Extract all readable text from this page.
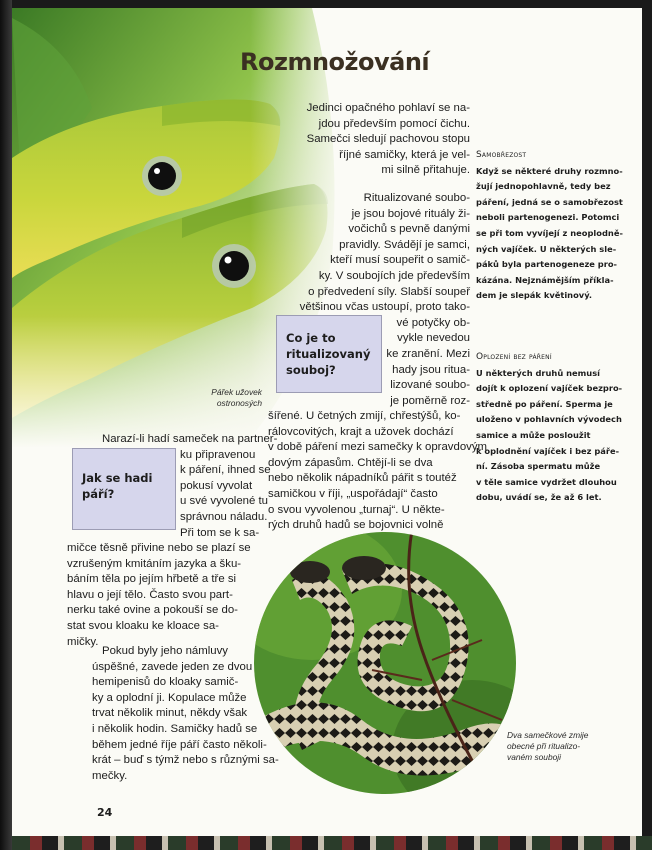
Rozmnožování
Jedinci opačného pohlaví se na-
jdou především pomocí čichu.
Samečci sledují pachovou stopu
říjné samičky, která je vel-
mi silně přitahuje.
Ritualizované soubo-
je jsou bojové rituály ži-
vočichů s pevně danými
pravidly. Svádějí je samci,
kteří musí soupeřit o samič-
ky. V soubojích jde především
o předvedení síly. Slabší soupeř
většinou včas ustoupí, proto tako-
vé potyčky ob-
vykle nevedou
ke zranění. Mezi
hady jsou ritua-
lizované soubo-
je poměrně roz-
šířené. U četných zmijí, chřestýšů, ko-
rálovcovitých, krajt a užovek dochází
v době páření mezi samečky k opravdovým
dovým zápasům. Chtějí-li se dva
nebo několik nápadníků pářit s toutéž
samičkou v říji, „uspořádají“ často
o svou vyvolenou „turnaj“. U někte-
rých druhů hadů se bojovnici volně
Co je to
ritualizovaný
souboj?
Pářek užovek
ostronosých
Narazí-li hadí sameček na partner-
ku připravenou
k páření, ihned se
pokusí vyvolat
u své vyvolené tu
správnou náladu.
Při tom se k sa-
Jak se hadi
páří?
mičce těsně přivine nebo se plazí se
vzrušeným kmitáním jazyka a šku-
báním těla po jejím hřbetě a tře si
hlavu o její tělo. Často svou part-
nerku také ovine a pokouší se do-
stat svou kloaku ke kloace sa-
mičky.
Pokud byly jeho námluvy
úspěšné, zavede jeden ze dvou
hemipenisů do kloaky samič-
ky a oplodní ji. Kopulace může
trvat několik minut, někdy však
i několik hodin. Samičky hadů se
během jedné říje páří často několi-
krát – buď s týmž nebo s různými sa-
mečky.
Samobřezost
Když se některé druhy rozmno-
žují jednopohlavně, tedy bez
páření, jedná se o samobřezost
neboli partenogenezi. Potomci
se při tom vyvíjejí z neoplodně-
ných vajíček. U některých sle-
páků byla partenogeneze pro-
kázána. Nejznámějším příkla-
dem je slepák květinový.
Oplození bez páření
U některých druhů nemusí
dojít k oplození vajíček bezpro-
středně po páření. Sperma je
uloženo v pohlavních vývodech
samice a může posloužit
k oplodnění vajíček i bez páře-
ní. Zásoba spermatu může
v těle samice vydržet dlouhou
dobu, uvádí se, že až 6 let.
Dva samečkové zmije
obecné při ritualizo-
vaném souboji
24
